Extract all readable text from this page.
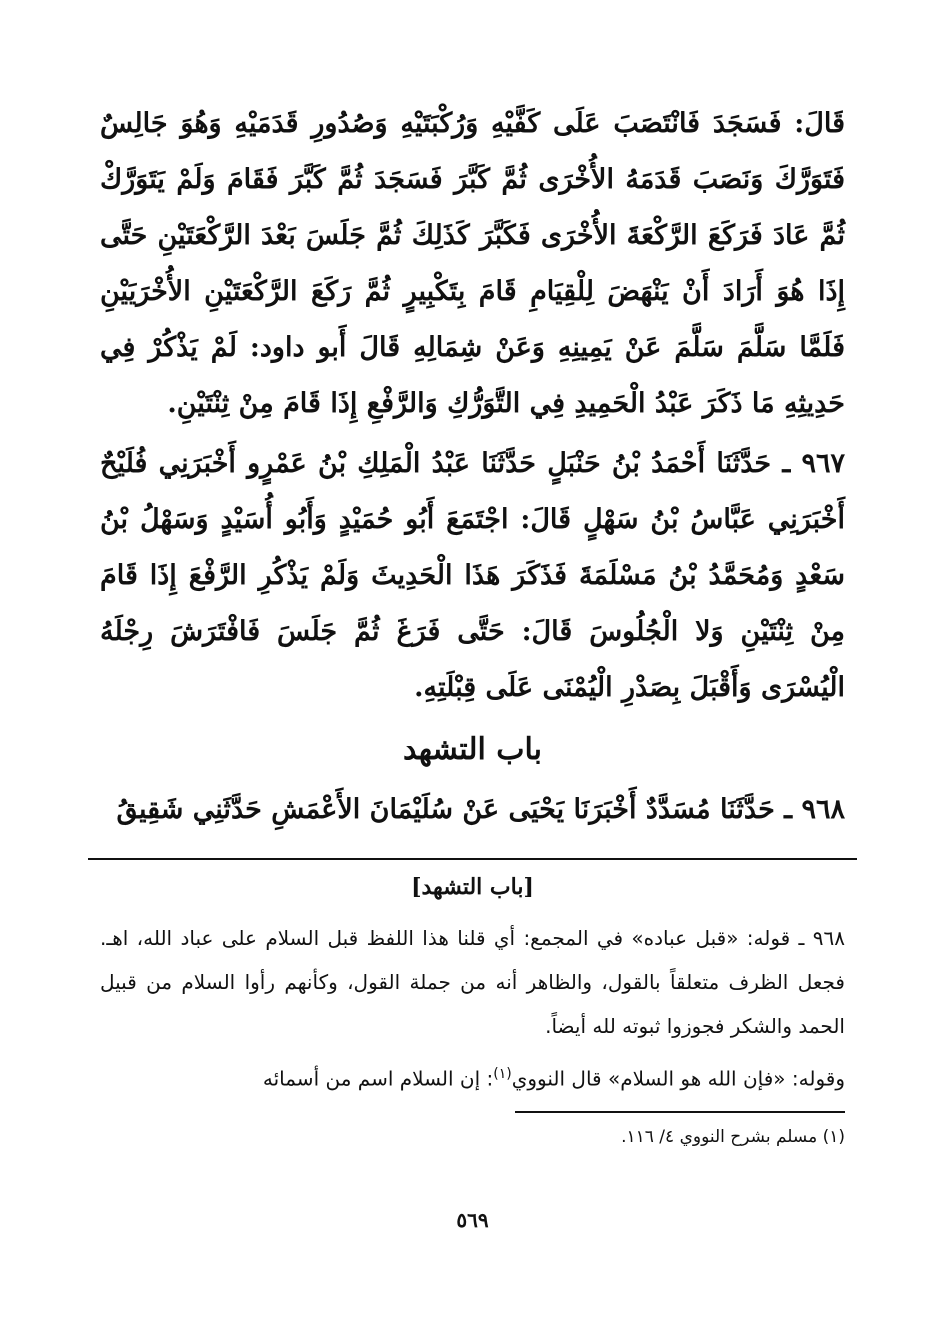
قَالَ: فَسَجَدَ فَانْتَصَبَ عَلَى كَفَّيْهِ وَرُكْبَتَيْهِ وَصُدُورِ قَدَمَيْهِ وَهُوَ جَالِسٌ فَتَوَرَّكَ وَنَصَبَ قَدَمَهُ الأُخْرَى ثُمَّ كَبَّرَ فَسَجَدَ ثُمَّ كَبَّرَ فَقَامَ وَلَمْ يَتَوَرَّكْ ثُمَّ عَادَ فَرَكَعَ الرَّكْعَةَ الأُخْرَى فَكَبَّرَ كَذَلِكَ ثُمَّ جَلَسَ بَعْدَ الرَّكْعَتَيْنِ حَتَّى إِذَا هُوَ أَرَادَ أَنْ يَنْهَضَ لِلْقِيَامِ قَامَ بِتَكْبِيرٍ ثُمَّ رَكَعَ الرَّكْعَتَيْنِ الأُخْرَيَيْنِ فَلَمَّا سَلَّمَ سَلَّمَ عَنْ يَمِينِهِ وَعَنْ شِمَالِهِ قَالَ أَبو داود: لَمْ يَذْكُرْ فِي حَدِيثِهِ مَا ذَكَرَ عَبْدُ الْحَمِيدِ فِي التَّوَرُّكِ وَالرَّفْعِ إِذَا قَامَ مِنْ ثِنْتَيْنِ.

٩٦٧ ـ حَدَّثَنَا أَحْمَدُ بْنُ حَنْبَلٍ حَدَّثَنَا عَبْدُ الْمَلِكِ بْنُ عَمْرٍو أَخْبَرَنِي فُلَيْحٌ أَخْبَرَنِي عَبَّاسُ بْنُ سَهْلٍ قَالَ: اجْتَمَعَ أَبُو حُمَيْدٍ وَأَبُو أُسَيْدٍ وَسَهْلُ بْنُ سَعْدٍ وَمُحَمَّدُ بْنُ مَسْلَمَةَ فَذَكَرَ هَذَا الْحَدِيثَ وَلَمْ يَذْكُرِ الرَّفْعَ إِذَا قَامَ مِنْ ثِنْتَيْنِ وَلا الْجُلُوسَ قَالَ: حَتَّى فَرَغَ ثُمَّ جَلَسَ فَافْتَرَشَ رِجْلَهُ الْيُسْرَى وَأَقْبَلَ بِصَدْرِ الْيُمْنَى عَلَى قِبْلَتِهِ.

باب التشهد

٩٦٨ ـ حَدَّثَنَا مُسَدَّدٌ أَخْبَرَنَا يَحْيَى عَنْ سُلَيْمَانَ الأَعْمَشِ حَدَّثَنِي شَقِيقُ

[باب التشهد]

٩٦٨ ـ قوله: «قبل عباده» في المجمع: أي قلنا هذا اللفظ قبل السلام على عباد الله، اهـ. فجعل الظرف متعلقاً بالقول، والظاهر أنه من جملة القول، وكأنهم رأوا السلام من قبيل الحمد والشكر فجوزوا ثبوته لله أيضاً.

وقوله: «فإن الله هو السلام» قال النووي$^{(١)}$: إن السلام اسم من أسمائه

(١) مسلم بشرح النووي ٤/ ١١٦.

٥٦٩
